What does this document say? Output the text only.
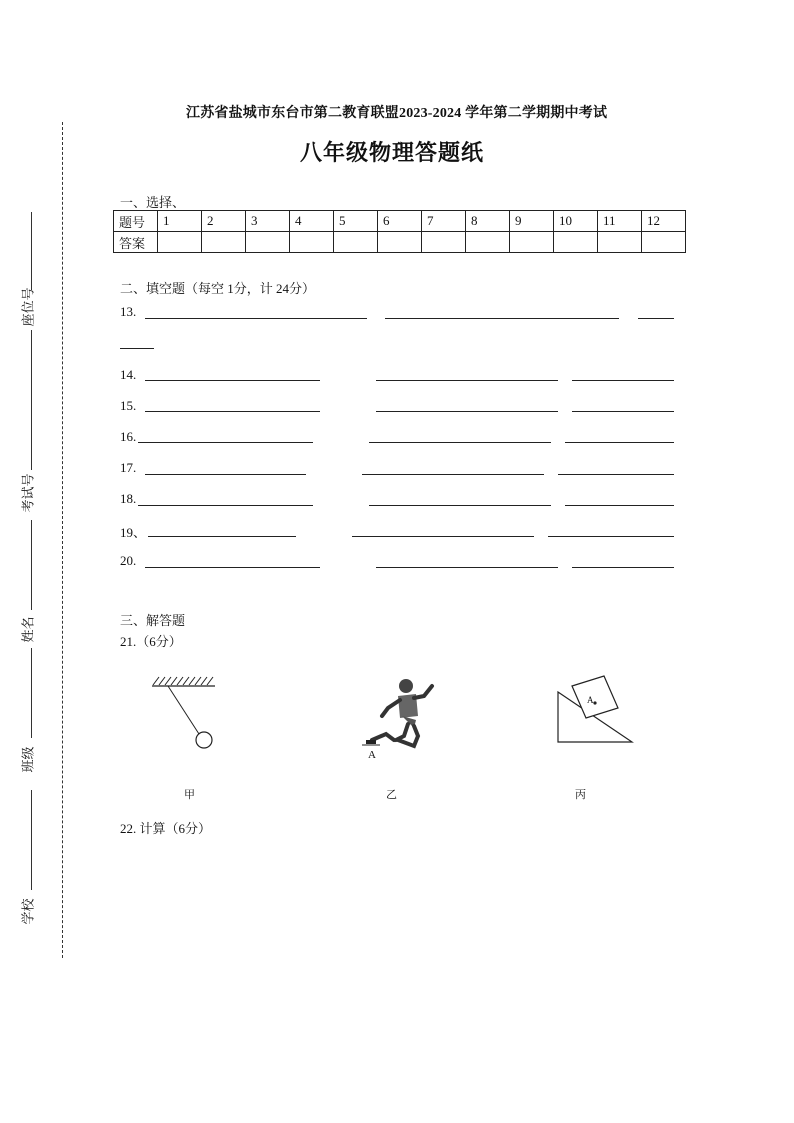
江苏省盐城市东台市第二教育联盟2023-2024 学年第二学期期中考试
八年级物理答题纸
座位号
考试号
姓名
班级
学校
一、选择、
题号	1	2	3	4	5	6	7	8	9	10	11	12
答案												
二、填空题（每空 1分，计 24分）
13.
14.
15.
16.
17.
18.
19、
20.
三、解答题
21.（6分）
A
A
甲	乙	丙
22. 计算（6分）
